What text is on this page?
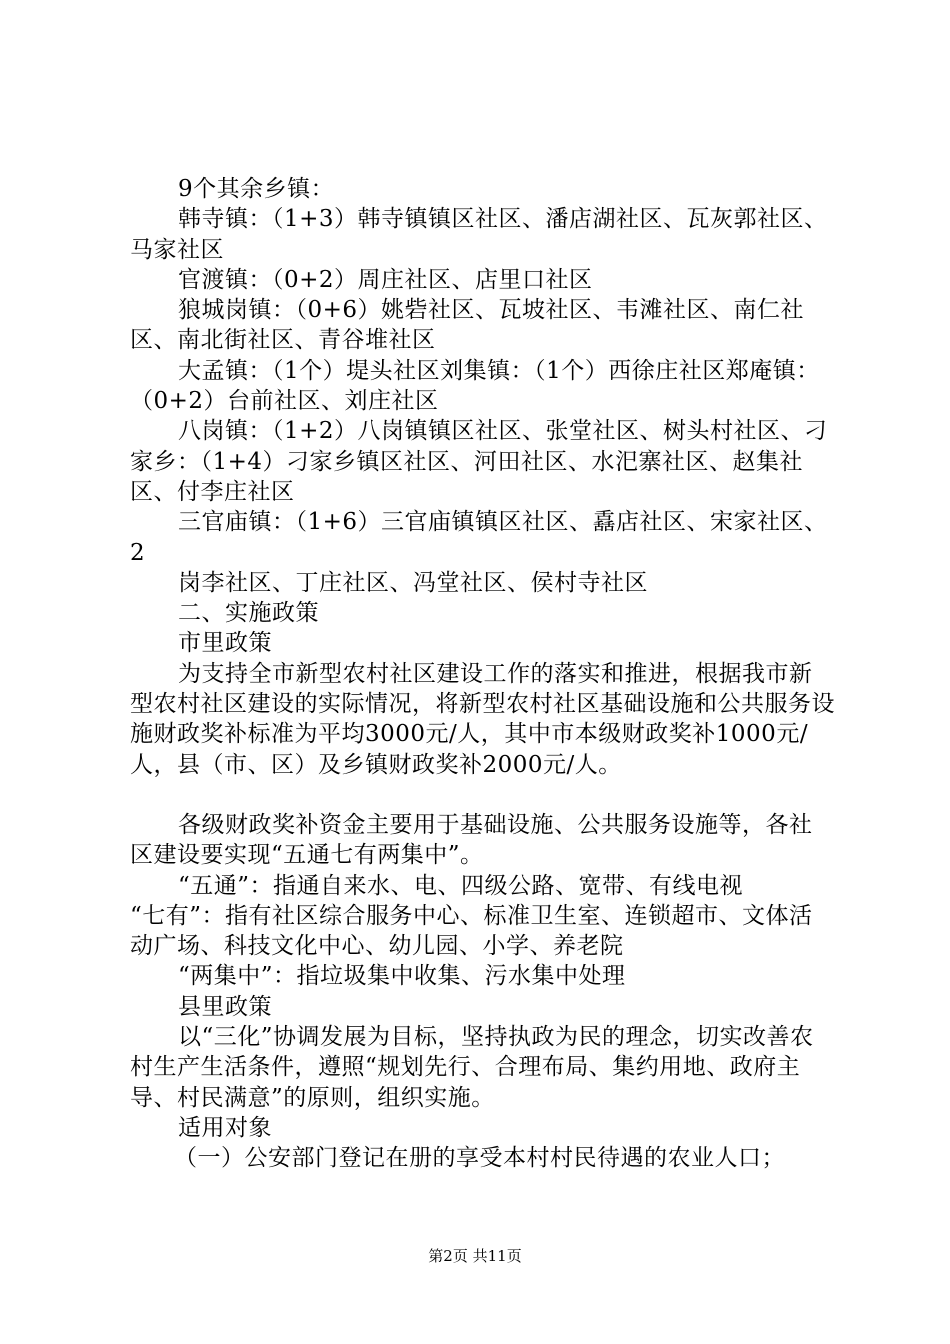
9个其余乡镇：

韩寺镇：（1+3）韩寺镇镇区社区、潘店湖社区、瓦灰郭社区、马家社区

官渡镇：（0+2）周庄社区、店里口社区

狼城岗镇：（0+6）姚砦社区、瓦坡社区、韦滩社区、南仁社区、南北街社区、青谷堆社区

大孟镇：（1个）堤头社区刘集镇：（1个）西徐庄社区郑庵镇：（0+2）台前社区、刘庄社区

八岗镇：（1+2）八岗镇镇区社区、张堂社区、树头村社区、刁家乡：（1+4）刁家乡镇区社区、河田社区、水汜寨社区、赵集社区、付李庄社区

三官庙镇：（1+6）三官庙镇镇区社区、舙店社区、宋家社区、2

岗李社区、丁庄社区、冯堂社区、侯村寺社区

二、实施政策

市里政策

为支持全市新型农村社区建设工作的落实和推进，根据我市新型农村社区建设的实际情况，将新型农村社区基础设施和公共服务设施财政奖补标准为平均3000元/人，其中市本级财政奖补1000元/人，县（市、区）及乡镇财政奖补2000元/人。

各级财政奖补资金主要用于基础设施、公共服务设施等，各社区建设要实现“五通七有两集中”。

“五通”：指通自来水、电、四级公路、宽带、有线电视

“七有”：指有社区综合服务中心、标准卫生室、连锁超市、文体活动广场、科技文化中心、幼儿园、小学、养老院

“两集中”：指垃圾集中收集、污水集中处理

县里政策

以“三化”协调发展为目标，坚持执政为民的理念，切实改善农村生产生活条件，遵照“规划先行、合理布局、集约用地、政府主导、村民满意”的原则，组织实施。

适用对象

（一）公安部门登记在册的享受本村村民待遇的农业人口；

第2页 共11页
